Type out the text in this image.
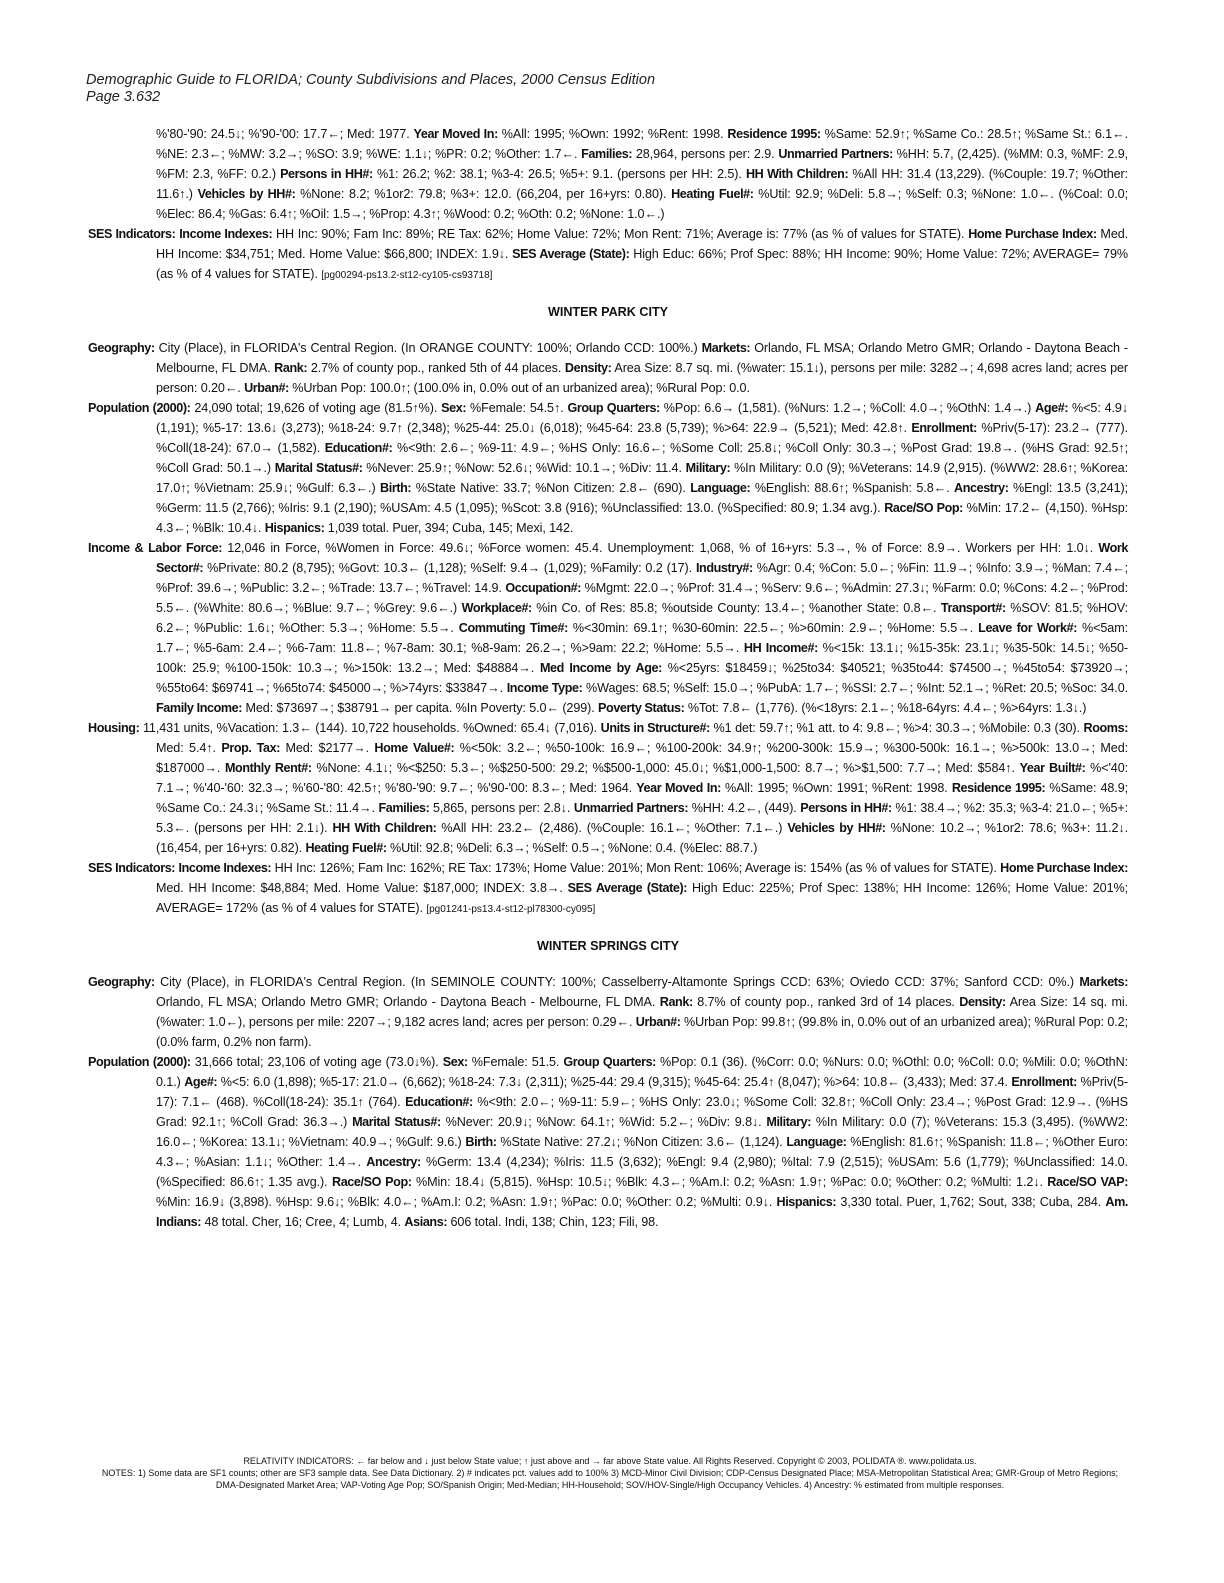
Demographic Guide to FLORIDA; County Subdivisions and Places, 2000 Census Edition
Page 3.632

%'80-'90: 24.5↓; %'90-'00: 17.7←; Med: 1977. Year Moved In: %All: 1995; %Own: 1992; %Rent: 1998. Residence 1995: %Same: 52.9↑; %Same Co.: 28.5↑; %Same St.: 6.1←. %NE: 2.3←; %MW: 3.2→; %SO: 3.9; %WE: 1.1↓; %PR: 0.2; %Other: 1.7←. Families: 28,964, persons per: 2.9. Unmarried Partners: %HH: 5.7, (2,425). (%MM: 0.3, %MF: 2.9, %FM: 2.3, %FF: 0.2.) Persons in HH#: %1: 26.2; %2: 38.1; %3-4: 26.5; %5+: 9.1. (persons per HH: 2.5). HH With Children: %All HH: 31.4 (13,229). (%Couple: 19.7; %Other: 11.6↑.) Vehicles by HH#: %None: 8.2; %1or2: 79.8; %3+: 12.0. (66,204, per 16+yrs: 0.80). Heating Fuel#: %Util: 92.9; %Deli: 5.8→; %Self: 0.3; %None: 1.0←. (%Coal: 0.0; %Elec: 86.4; %Gas: 6.4↑; %Oil: 1.5→; %Prop: 4.3↑; %Wood: 0.2; %Oth: 0.2; %None: 1.0←.)

SES Indicators: Income Indexes: HH Inc: 90%; Fam Inc: 89%; RE Tax: 62%; Home Value: 72%; Mon Rent: 71%; Average is: 77% (as % of values for STATE). Home Purchase Index: Med. HH Income: $34,751; Med. Home Value: $66,800; INDEX: 1.9↓. SES Average (State): High Educ: 66%; Prof Spec: 88%; HH Income: 90%; Home Value: 72%; AVERAGE= 79% (as % of 4 values for STATE). [pg00294-ps13.2-st12-cy105-cs93718]

WINTER PARK CITY

Geography: City (Place), in FLORIDA's Central Region. (In ORANGE COUNTY: 100%; Orlando CCD: 100%.) Markets: Orlando, FL MSA; Orlando Metro GMR; Orlando - Daytona Beach - Melbourne, FL DMA. Rank: 2.7% of county pop., ranked 5th of 44 places. Density: Area Size: 8.7 sq. mi. (%water: 15.1↓), persons per mile: 3282→; 4,698 acres land; acres per person: 0.20←. Urban#: %Urban Pop: 100.0↑; (100.0% in, 0.0% out of an urbanized area); %Rural Pop: 0.0.

Population (2000): 24,090 total; 19,626 of voting age (81.5↑%). Sex: %Female: 54.5↑. Group Quarters: %Pop: 6.6→ (1,581). (%Nurs: 1.2→; %Coll: 4.0→; %OthN: 1.4→.) Age#: %<5: 4.9↓ (1,191); %5-17: 13.6↓ (3,273); %18-24: 9.7↑ (2,348); %25-44: 25.0↓ (6,018); %45-64: 23.8 (5,739); %>64: 22.9→ (5,521); Med: 42.8↑. Enrollment: %Priv(5-17): 23.2→ (777). %Coll(18-24): 67.0→ (1,582). Education#: %<9th: 2.6←; %9-11: 4.9←; %HS Only: 16.6←; %Some Coll: 25.8↓; %Coll Only: 30.3→; %Post Grad: 19.8→. (%HS Grad: 92.5↑; %Coll Grad: 50.1→.) Marital Status#: %Never: 25.9↑; %Now: 52.6↓; %Wid: 10.1→; %Div: 11.4. Military: %In Military: 0.0 (9); %Veterans: 14.9 (2,915). (%WW2: 28.6↑; %Korea: 17.0↑; %Vietnam: 25.9↓; %Gulf: 6.3←.) Birth: %State Native: 33.7; %Non Citizen: 2.8← (690). Language: %English: 88.6↑; %Spanish: 5.8←. Ancestry: %Engl: 13.5 (3,241); %Germ: 11.5 (2,766); %Iris: 9.1 (2,190); %USAm: 4.5 (1,095); %Scot: 3.8 (916); %Unclassified: 13.0. (%Specified: 80.9; 1.34 avg.). Race/SO Pop: %Min: 17.2← (4,150). %Hsp: 4.3←; %Blk: 10.4↓. Hispanics: 1,039 total. Puer, 394; Cuba, 145; Mexi, 142.

Income & Labor Force: 12,046 in Force, %Women in Force: 49.6↓; %Force women: 45.4. Unemployment: 1,068, % of 16+yrs: 5.3→, % of Force: 8.9→. Workers per HH: 1.0↓. Work Sector#: %Private: 80.2 (8,795); %Govt: 10.3← (1,128); %Self: 9.4→ (1,029); %Family: 0.2 (17). Industry#: %Agr: 0.4; %Con: 5.0←; %Fin: 11.9→; %Info: 3.9→; %Man: 7.4←; %Prof: 39.6→; %Public: 3.2←; %Trade: 13.7←; %Travel: 14.9. Occupation#: %Mgmt: 22.0→; %Prof: 31.4→; %Serv: 9.6←; %Admin: 27.3↓; %Farm: 0.0; %Cons: 4.2←; %Prod: 5.5←. (%White: 80.6→; %Blue: 9.7←; %Grey: 9.6←.) Workplace#: %in Co. of Res: 85.8; %outside County: 13.4←; %another State: 0.8←. Transport#: %SOV: 81.5; %HOV: 6.2←; %Public: 1.6↓; %Other: 5.3→; %Home: 5.5→. Commuting Time#: %<30min: 69.1↑; %30-60min: 22.5←; %>60min: 2.9←; %Home: 5.5→. Leave for Work#: %<5am: 1.7←; %5-6am: 2.4←; %6-7am: 11.8←; %7-8am: 30.1; %8-9am: 26.2→; %>9am: 22.2; %Home: 5.5→. HH Income#: %<15k: 13.1↓; %15-35k: 23.1↓; %35-50k: 14.5↓; %50-100k: 25.9; %100-150k: 10.3→; %>150k: 13.2→; Med: $48884→. Med Income by Age: %<25yrs: $18459↓; %25to34: $40521; %35to44: $74500→; %45to54: $73920→; %55to64: $69741→; %65to74: $45000→; %>74yrs: $33847→. Income Type: %Wages: 68.5; %Self: 15.0→; %PubA: 1.7←; %SSI: 2.7←; %Int: 52.1→; %Ret: 20.5; %Soc: 34.0. Family Income: Med: $73697→; $38791→ per capita. %In Poverty: 5.0← (299). Poverty Status: %Tot: 7.8← (1,776). (%<18yrs: 2.1←; %18-64yrs: 4.4←; %>64yrs: 1.3↓.)

Housing: 11,431 units, %Vacation: 1.3← (144). 10,722 households. %Owned: 65.4↓ (7,016). Units in Structure#: %1 det: 59.7↑; %1 att. to 4: 9.8←; %>4: 30.3→; %Mobile: 0.3 (30). Rooms: Med: 5.4↑. Prop. Tax: Med: $2177→. Home Value#: %<50k: 3.2←; %50-100k: 16.9←; %100-200k: 34.9↑; %200-300k: 15.9→; %300-500k: 16.1→; %>500k: 13.0→; Med: $187000→. Monthly Rent#: %None: 4.1↓; %<$250: 5.3←; %$250-500: 29.2; %$500-1,000: 45.0↓; %$1,000-1,500: 8.7→; %>$1,500: 7.7→; Med: $584↑. Year Built#: %<'40: 7.1→; %'40-'60: 32.3→; %'60-'80: 42.5↑; %'80-'90: 9.7←; %'90-'00: 8.3←; Med: 1964. Year Moved In: %All: 1995; %Own: 1991; %Rent: 1998. Residence 1995: %Same: 48.9; %Same Co.: 24.3↓; %Same St.: 11.4→. Families: 5,865, persons per: 2.8↓. Unmarried Partners: %HH: 4.2←, (449). Persons in HH#: %1: 38.4→; %2: 35.3; %3-4: 21.0←; %5+: 5.3←. (persons per HH: 2.1↓). HH With Children: %All HH: 23.2← (2,486). (%Couple: 16.1←; %Other: 7.1←.) Vehicles by HH#: %None: 10.2→; %1or2: 78.6; %3+: 11.2↓. (16,454, per 16+yrs: 0.82). Heating Fuel#: %Util: 92.8; %Deli: 6.3→; %Self: 0.5→; %None: 0.4. (%Elec: 88.7.)

SES Indicators: Income Indexes: HH Inc: 126%; Fam Inc: 162%; RE Tax: 173%; Home Value: 201%; Mon Rent: 106%; Average is: 154% (as % of values for STATE). Home Purchase Index: Med. HH Income: $48,884; Med. Home Value: $187,000; INDEX: 3.8→. SES Average (State): High Educ: 225%; Prof Spec: 138%; HH Income: 126%; Home Value: 201%; AVERAGE= 172% (as % of 4 values for STATE). [pg01241-ps13.4-st12-pl78300-cy095]

WINTER SPRINGS CITY

Geography: City (Place), in FLORIDA's Central Region. (In SEMINOLE COUNTY: 100%; Casselberry-Altamonte Springs CCD: 63%; Oviedo CCD: 37%; Sanford CCD: 0%.) Markets: Orlando, FL MSA; Orlando Metro GMR; Orlando - Daytona Beach - Melbourne, FL DMA. Rank: 8.7% of county pop., ranked 3rd of 14 places. Density: Area Size: 14 sq. mi. (%water: 1.0←), persons per mile: 2207→; 9,182 acres land; acres per person: 0.29←. Urban#: %Urban Pop: 99.8↑; (99.8% in, 0.0% out of an urbanized area); %Rural Pop: 0.2; (0.0% farm, 0.2% non farm).

Population (2000): 31,666 total; 23,106 of voting age (73.0↓%). Sex: %Female: 51.5. Group Quarters: %Pop: 0.1 (36). (%Corr: 0.0; %Nurs: 0.0; %Othl: 0.0; %Coll: 0.0; %Mili: 0.0; %OthN: 0.1.) Age#: %<5: 6.0 (1,898); %5-17: 21.0→ (6,662); %18-24: 7.3↓ (2,311); %25-44: 29.4 (9,315); %45-64: 25.4↑ (8,047); %>64: 10.8← (3,433); Med: 37.4. Enrollment: %Priv(5-17): 7.1← (468). %Coll(18-24): 35.1↑ (764). Education#: %<9th: 2.0←; %9-11: 5.9←; %HS Only: 23.0↓; %Some Coll: 32.8↑; %Coll Only: 23.4→; %Post Grad: 12.9→. (%HS Grad: 92.1↑; %Coll Grad: 36.3→.) Marital Status#: %Never: 20.9↓; %Now: 64.1↑; %Wid: 5.2←; %Div: 9.8↓. Military: %In Military: 0.0 (7); %Veterans: 15.3 (3,495). (%WW2: 16.0←; %Korea: 13.1↓; %Vietnam: 40.9→; %Gulf: 9.6.) Birth: %State Native: 27.2↓; %Non Citizen: 3.6← (1,124). Language: %English: 81.6↑; %Spanish: 11.8←; %Other Euro: 4.3←; %Asian: 1.1↓; %Other: 1.4→. Ancestry: %Germ: 13.4 (4,234); %Iris: 11.5 (3,632); %Engl: 9.4 (2,980); %Ital: 7.9 (2,515); %USAm: 5.6 (1,779); %Unclassified: 14.0. (%Specified: 86.6↑; 1.35 avg.). Race/SO Pop: %Min: 18.4↓ (5,815). %Hsp: 10.5↓; %Blk: 4.3←; %Am.I: 0.2; %Asn: 1.9↑; %Pac: 0.0; %Other: 0.2; %Multi: 1.2↓. Race/SO VAP: %Min: 16.9↓ (3,898). %Hsp: 9.6↓; %Blk: 4.0←; %Am.I: 0.2; %Asn: 1.9↑; %Pac: 0.0; %Other: 0.2; %Multi: 0.9↓. Hispanics: 3,330 total. Puer, 1,762; Sout, 338; Cuba, 284. Am. Indians: 48 total. Cher, 16; Cree, 4; Lumb, 4. Asians: 606 total. Indi, 138; Chin, 123; Fili, 98.

RELATIVITY INDICATORS: ← far below and ↓ just below State value; ↑ just above and → far above State value. All Rights Reserved. Copyright © 2003, POLIDATA ®. www.polidata.us.
NOTES: 1) Some data are SF1 counts; other are SF3 sample data. See Data Dictionary. 2) # indicates pct. values add to 100% 3) MCD-Minor Civil Division; CDP-Census Designated Place; MSA-Metropolitan Statistical Area; GMR-Group of Metro Regions; DMA-Designated Market Area; VAP-Voting Age Pop; SO/Spanish Origin; Med-Median; HH-Household; SOV/HOV-Single/High Occupancy Vehicles. 4) Ancestry: % estimated from multiple responses.
